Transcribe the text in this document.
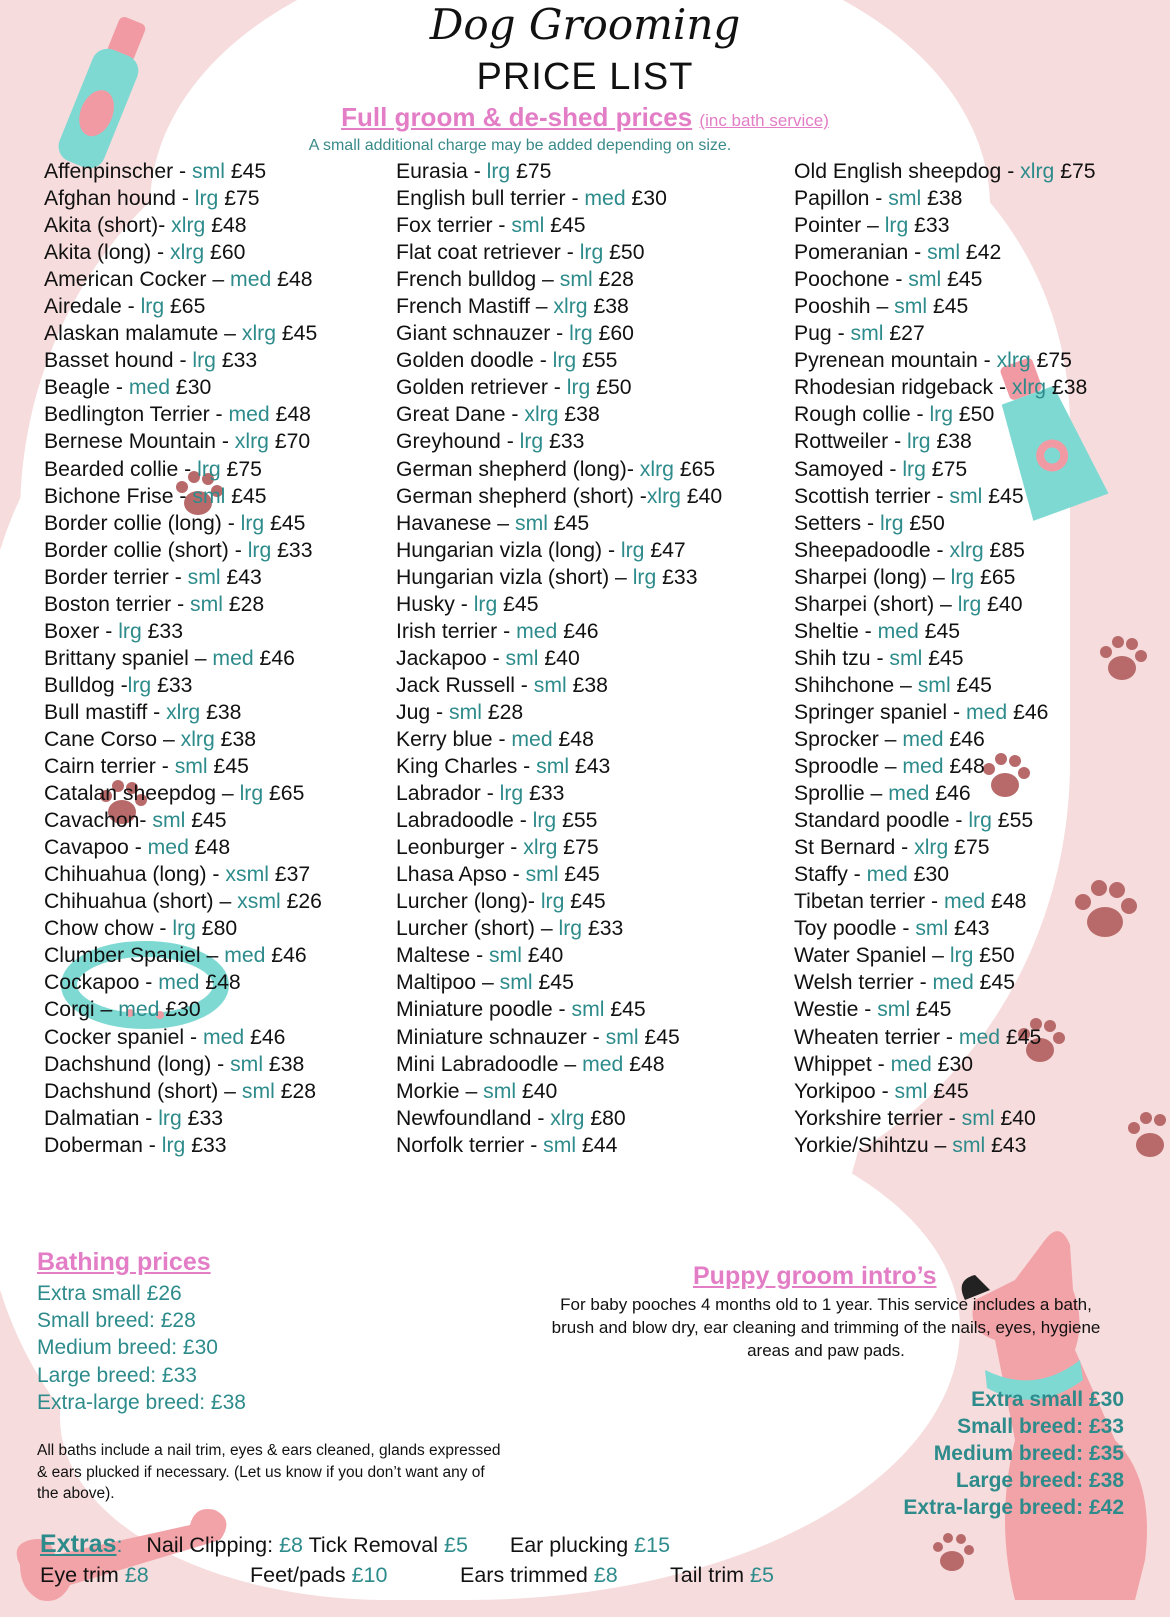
Dog Grooming
PRICE LIST
Full groom & de-shed prices (inc bath service)
A small additional charge may be added depending on size.
Affenpinscher - sml £45
Afghan hound - lrg £75
Akita (short)- xlrg £48
Akita (long) - xlrg £60
American Cocker – med £48
Airedale - lrg £65
Alaskan malamute – xlrg £45
Basset hound - lrg £33
Beagle - med £30
Bedlington Terrier - med £48
Bernese Mountain - xlrg £70
Bearded collie - lrg £75
Bichone Frise - sml £45
Border collie (long) - lrg £45
Border collie (short) - lrg £33
Border terrier - sml £43
Boston terrier - sml £28
Boxer - lrg £33
Brittany spaniel – med £46
Bulldog -lrg £33
Bull mastiff - xlrg £38
Cane Corso – xlrg £38
Cairn terrier - sml £45
Catalan sheepdog – lrg £65
Cavachon- sml £45
Cavapoo - med £48
Chihuahua (long) - xsml £37
Chihuahua (short) – xsml £26
Chow chow - lrg £80
Clumber Spaniel – med £46
Cockapoo - med £48
Corgi – med £30
Cocker spaniel - med £46
Dachshund (long) - sml £38
Dachshund (short) – sml £28
Dalmatian - lrg £33
Doberman - lrg £33
Eurasia - lrg £75
English bull terrier - med £30
Fox terrier - sml £45
Flat coat retriever - lrg £50
French bulldog – sml £28
French Mastiff – xlrg £38
Giant schnauzer - lrg £60
Golden doodle - lrg £55
Golden retriever - lrg £50
Great Dane - xlrg £38
Greyhound - lrg £33
German shepherd (long)- xlrg £65
German shepherd (short) -xlrg £40
Havanese – sml £45
Hungarian vizla (long) - lrg £47
Hungarian vizla (short) – lrg £33
Husky - lrg £45
Irish terrier - med £46
Jackapoo - sml £40
Jack Russell - sml £38
Jug - sml £28
Kerry blue - med £48
King Charles - sml £43
Labrador - lrg £33
Labradoodle - lrg £55
Leonburger - xlrg £75
Lhasa Apso - sml £45
Lurcher (long)- lrg £45
Lurcher (short) – lrg £33
Maltese - sml £40
Maltipoo – sml £45
Miniature poodle - sml £45
Miniature schnauzer - sml £45
Mini Labradoodle – med £48
Morkie – sml £40
Newfoundland - xlrg £80
Norfolk terrier - sml £44
Old English sheepdog - xlrg £75
Papillon - sml £38
Pointer – lrg £33
Pomeranian - sml £42
Poochone - sml £45
Pooshih – sml £45
Pug - sml £27
Pyrenean mountain - xlrg £75
Rhodesian ridgeback - xlrg £38
Rough collie - lrg £50
Rottweiler - lrg £38
Samoyed - lrg £75
Scottish terrier - sml £45
Setters - lrg £50
Sheepadoodle - xlrg £85
Sharpei (long) – lrg £65
Sharpei (short) – lrg £40
Sheltie - med £45
Shih tzu - sml £45
Shihchone – sml £45
Springer spaniel - med £46
Sprocker – med £46
Sproodle – med £48
Sprollie – med £46
Standard poodle - lrg £55
St Bernard - xlrg £75
Staffy - med £30
Tibetan terrier - med £48
Toy poodle - sml £43
Water Spaniel – lrg £50
Welsh terrier - med £45
Westie - sml £45
Wheaten terrier - med £45
Whippet - med £30
Yorkipoo - sml £45
Yorkshire terrier - sml £40
Yorkie/Shihtzu – sml £43
Bathing prices
Extra small £26
Small breed: £28
Medium breed: £30
Large breed: £33
Extra-large breed: £38
All baths include a nail trim, eyes & ears cleaned, glands expressed & ears plucked if necessary. (Let us know if you don’t want any of the above).
Puppy groom intro’s
For baby pooches 4 months old to 1 year. This service includes a bath, brush and blow dry, ear cleaning and trimming of the nails, eyes, hygiene areas and paw pads.
Extra small £30
Small breed: £33
Medium breed: £35
Large breed: £38
Extra-large breed: £42
Extras: Nail Clipping: £8 Tick Removal £5 Ear plucking £15
Eye trim £8	Feet/pads £10	Ears trimmed £8 Tail trim £5
